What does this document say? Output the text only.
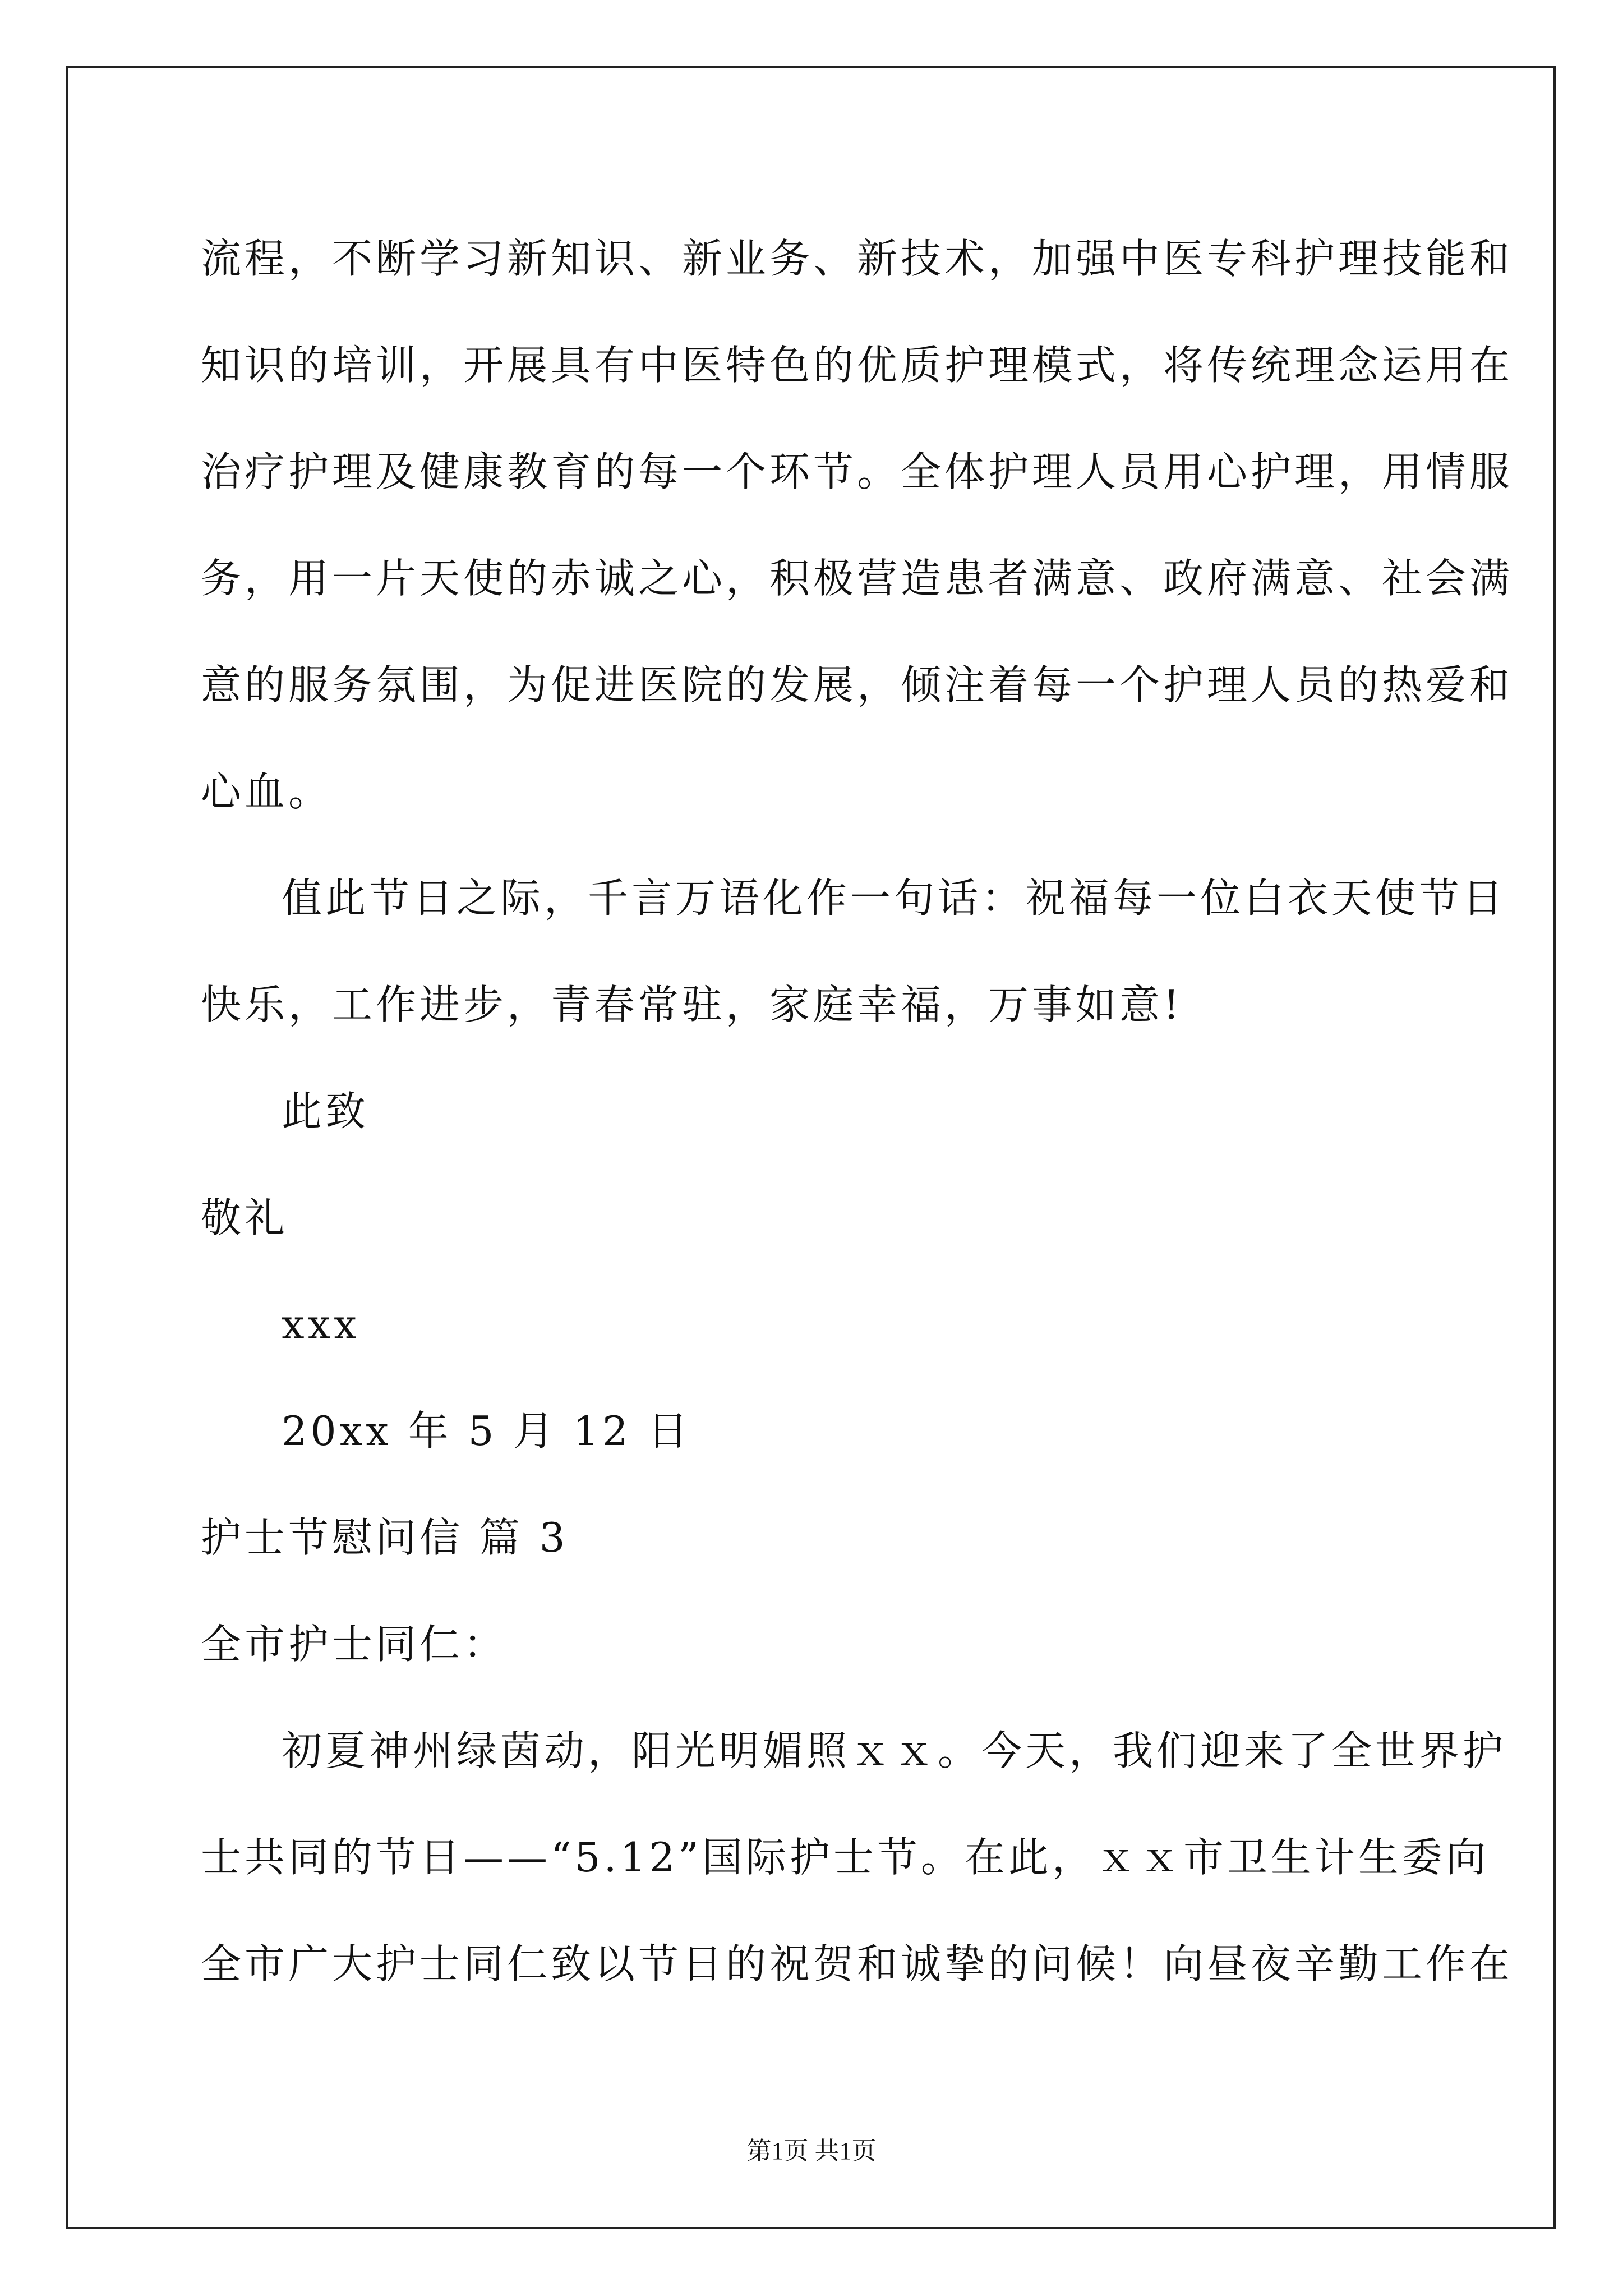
流程，不断学习新知识、新业务、新技术，加强中医专科护理技能和
知识的培训，开展具有中医特色的优质护理模式，将传统理念运用在
治疗护理及健康教育的每一个环节。全体护理人员用心护理，用情服
务，用一片天使的赤诚之心，积极营造患者满意、政府满意、社会满
意的服务氛围，为促进医院的发展，倾注着每一个护理人员的热爱和
心血。
值此节日之际，千言万语化作一句话：祝福每一位白衣天使节日
快乐，工作进步，青春常驻，家庭幸福，万事如意!
此致
敬礼
xxx
20xx 年 5 月 12 日
护士节慰问信 篇 3
全市护士同仁：
初夏神州绿茵动，阳光明媚照ｘｘ。今天，我们迎来了全世界护
士共同的节日——“5.12”国际护士节。在此，ｘｘ市卫生计生委向
全市广大护士同仁致以节日的祝贺和诚挚的问候！向昼夜辛勤工作在
第1页 共1页
